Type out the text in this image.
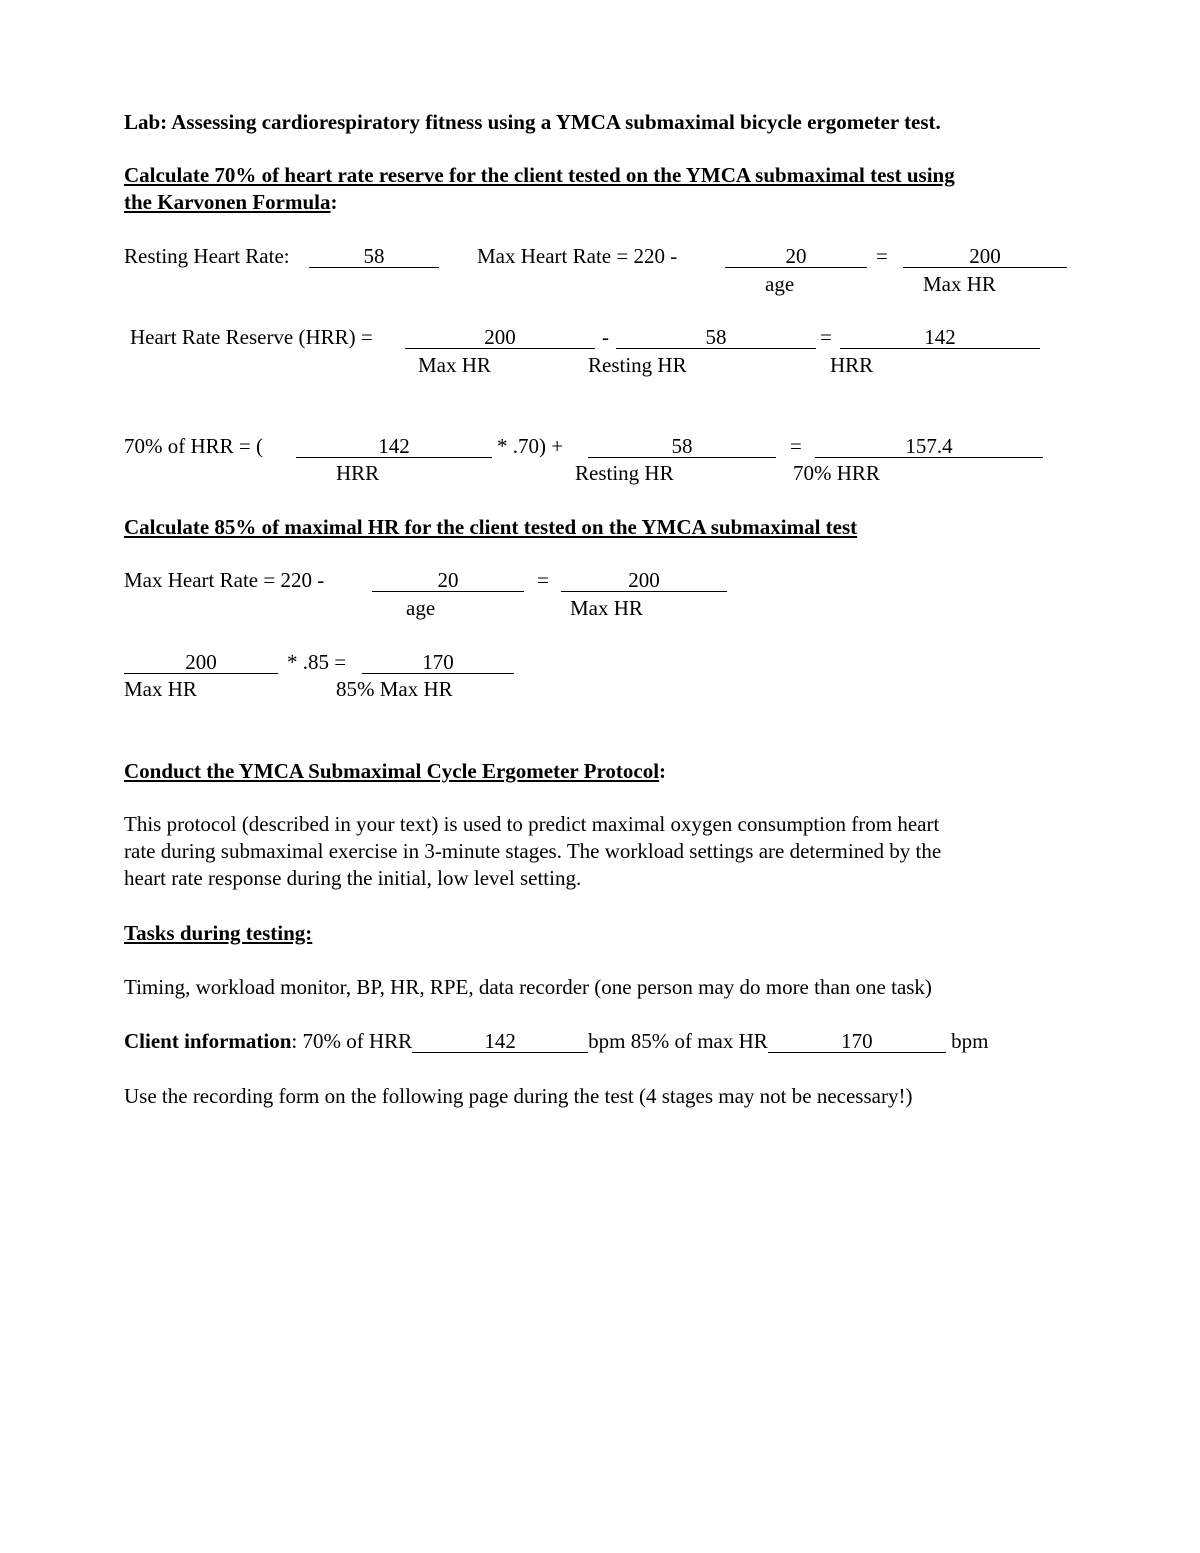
Lab: Assessing cardiorespiratory fitness using a YMCA submaximal bicycle ergometer test.
Calculate 70% of heart rate reserve for the client tested on the YMCA submaximal test using
the Karvonen Formula:
Resting Heart Rate:	58	Max Heart Rate = 220 -	20	=	200
age	Max HR
Heart Rate Reserve (HRR) =	200	-	58	=	142
Max HR	Resting HR	HRR
70% of HRR = (	142	* .70) +	58	=	157.4
HRR	Resting HR	70% HRR
Calculate 85% of maximal HR for the client tested on the YMCA submaximal test
Max Heart Rate = 220 -	20	=	200
age	Max HR
200	* .85 =	170
Max HR	85% Max HR
Conduct the YMCA Submaximal Cycle Ergometer Protocol:
This protocol (described in your text) is used to predict maximal oxygen consumption from heart
rate during submaximal exercise in 3-minute stages. The workload settings are determined by the
heart rate response during the initial, low level setting.
Tasks during testing:
Timing, workload monitor, BP, HR, RPE, data recorder (one person may do more than one task)
Client information: 70% of HRR	142	bpm 85% of max HR	170	bpm
Use the recording form on the following page during the test (4 stages may not be necessary!)
